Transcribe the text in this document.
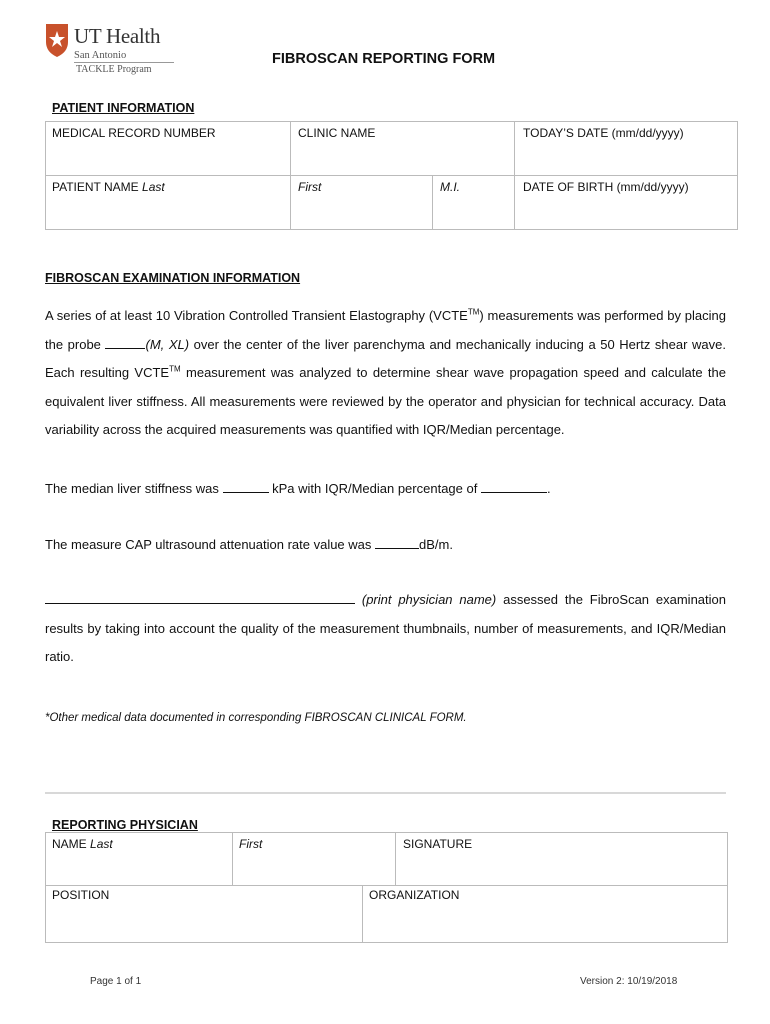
UT Health
San Antonio
TACKLE Program
FIBROSCAN REPORTING FORM
PATIENT INFORMATION
MEDICAL RECORD NUMBER	CLINIC NAME	TODAY’S DATE (mm/dd/yyyy)
PATIENT NAME Last	First	M.I.	DATE OF BIRTH (mm/dd/yyyy)
FIBROSCAN EXAMINATION INFORMATION
A series of at least 10 Vibration Controlled Transient Elastography (VCTE™) measurements was performed by placing the probe	(M, XL) over the center of the liver parenchyma and mechanically inducing a 50 Hertz shear wave. Each resulting VCTE™ measurement was analyzed to determine shear wave propagation speed and calculate the equivalent liver stiffness. All measurements were reviewed by the operator and physician for technical accuracy. Data variability across the acquired measurements was quantified with IQR/Median percentage.
The median liver stiffness was	kPa with IQR/Median percentage of	.
The measure CAP ultrasound attenuation rate value was	dB/m.
(print physician name) assessed the FibroScan examination results by taking into account the quality of the measurement thumbnails, number of measurements, and IQR/Median ratio.
*Other medical data documented in corresponding FIBROSCAN CLINICAL FORM.
REPORTING PHYSICIAN
NAME Last	First	SIGNATURE
POSITION	ORGANIZATION
Page 1 of 1	Version 2: 10/19/2018
